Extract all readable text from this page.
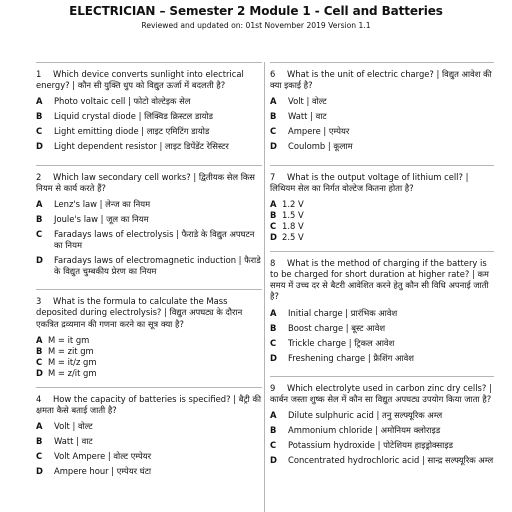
ELECTRICIAN – Semester 2 Module 1 - Cell and Batteries
Reviewed and updated on: 01st November 2019 Version 1.1
1 Which device converts sunlight into electrical energy? | कौन सी युक्ति धुप को विद्युत ऊर्जा में बदलती है?
A	Photo voltaic cell | फोटो वोल्टेइक सेल
B	Liquid crystal diode | लिक्विड क्रिस्टल डायोड
C	Light emitting diode | लाइट एमिटिंग डायोड
D	Light dependent resistor | लाइट डिपेंडेंट रेसिस्टर
2 Which law secondary cell works? | द्वितीयक सेल किस नियम से कार्य करते हैं?
A	Lenz's law | लेन्ज का नियम
B	Joule's law | जूल का नियम
C	Faradays laws of electrolysis | फैराडे के विद्युत अपघटन का नियम
D	Faradays laws of electromagnetic induction | फैराडे के विद्युत चुम्बकीय प्रेरण का नियम
3 What is the formula to calculate the Mass deposited during electrolysis? | विद्युत अपघट्य के दौरान एकत्रित द्रव्यमान की गणना करने का सूत्र क्या है?
A M = it gm
B M = zit gm
C M = it/z gm
D M = z/it gm
4 How the capacity of batteries is specified? | बैट्री की क्षमता कैसे बताई जाती है?
A	Volt | वोल्ट
B	Watt | वाट
C	Volt Ampere | वोल्ट एम्पेयर
D	Ampere hour | एम्पेयर घंटा
6 What is the unit of electric charge? | विद्युत आवेश की क्या इकाई है?
A	Volt | वोल्ट
B	Watt | वाट
C	Ampere | एम्पेयर
D	Coulomb | कूलाम
7 What is the output voltage of lithium cell? | लिथियम सेल का निर्गत वोल्टेज कितना होता है?
A 1.2 V
B 1.5 V
C 1.8 V
D 2.5 V
8 What is the method of charging if the battery is to be charged for short duration at higher rate? | कम समय में उच्च दर से बैटरी आवेशित करने हेतु कौन सी विधि अपनाई जाती है?
A	Initial charge | प्रारंभिक आवेश
B	Boost charge | बूस्ट आवेश
C	Trickle charge | ट्रिकल आवेश
D	Freshening charge | फ्रैशिंग आवेश
9 Which electrolyte used in carbon zinc dry cells? | कार्बन जस्ता शुष्क सेल में कौन सा विद्युत अपघट्य उपयोग किया जाता है?
A	Dilute sulphuric acid | तनु सल्फ्यूरिक अम्ल
B	Ammonium chloride | अमोनियम क्लोराइड
C	Potassium hydroxide | पोटेशियम हाइड्रोक्साइड
D	Concentrated hydrochloric acid | सान्द्र सल्फ्यूरिक अम्ल
